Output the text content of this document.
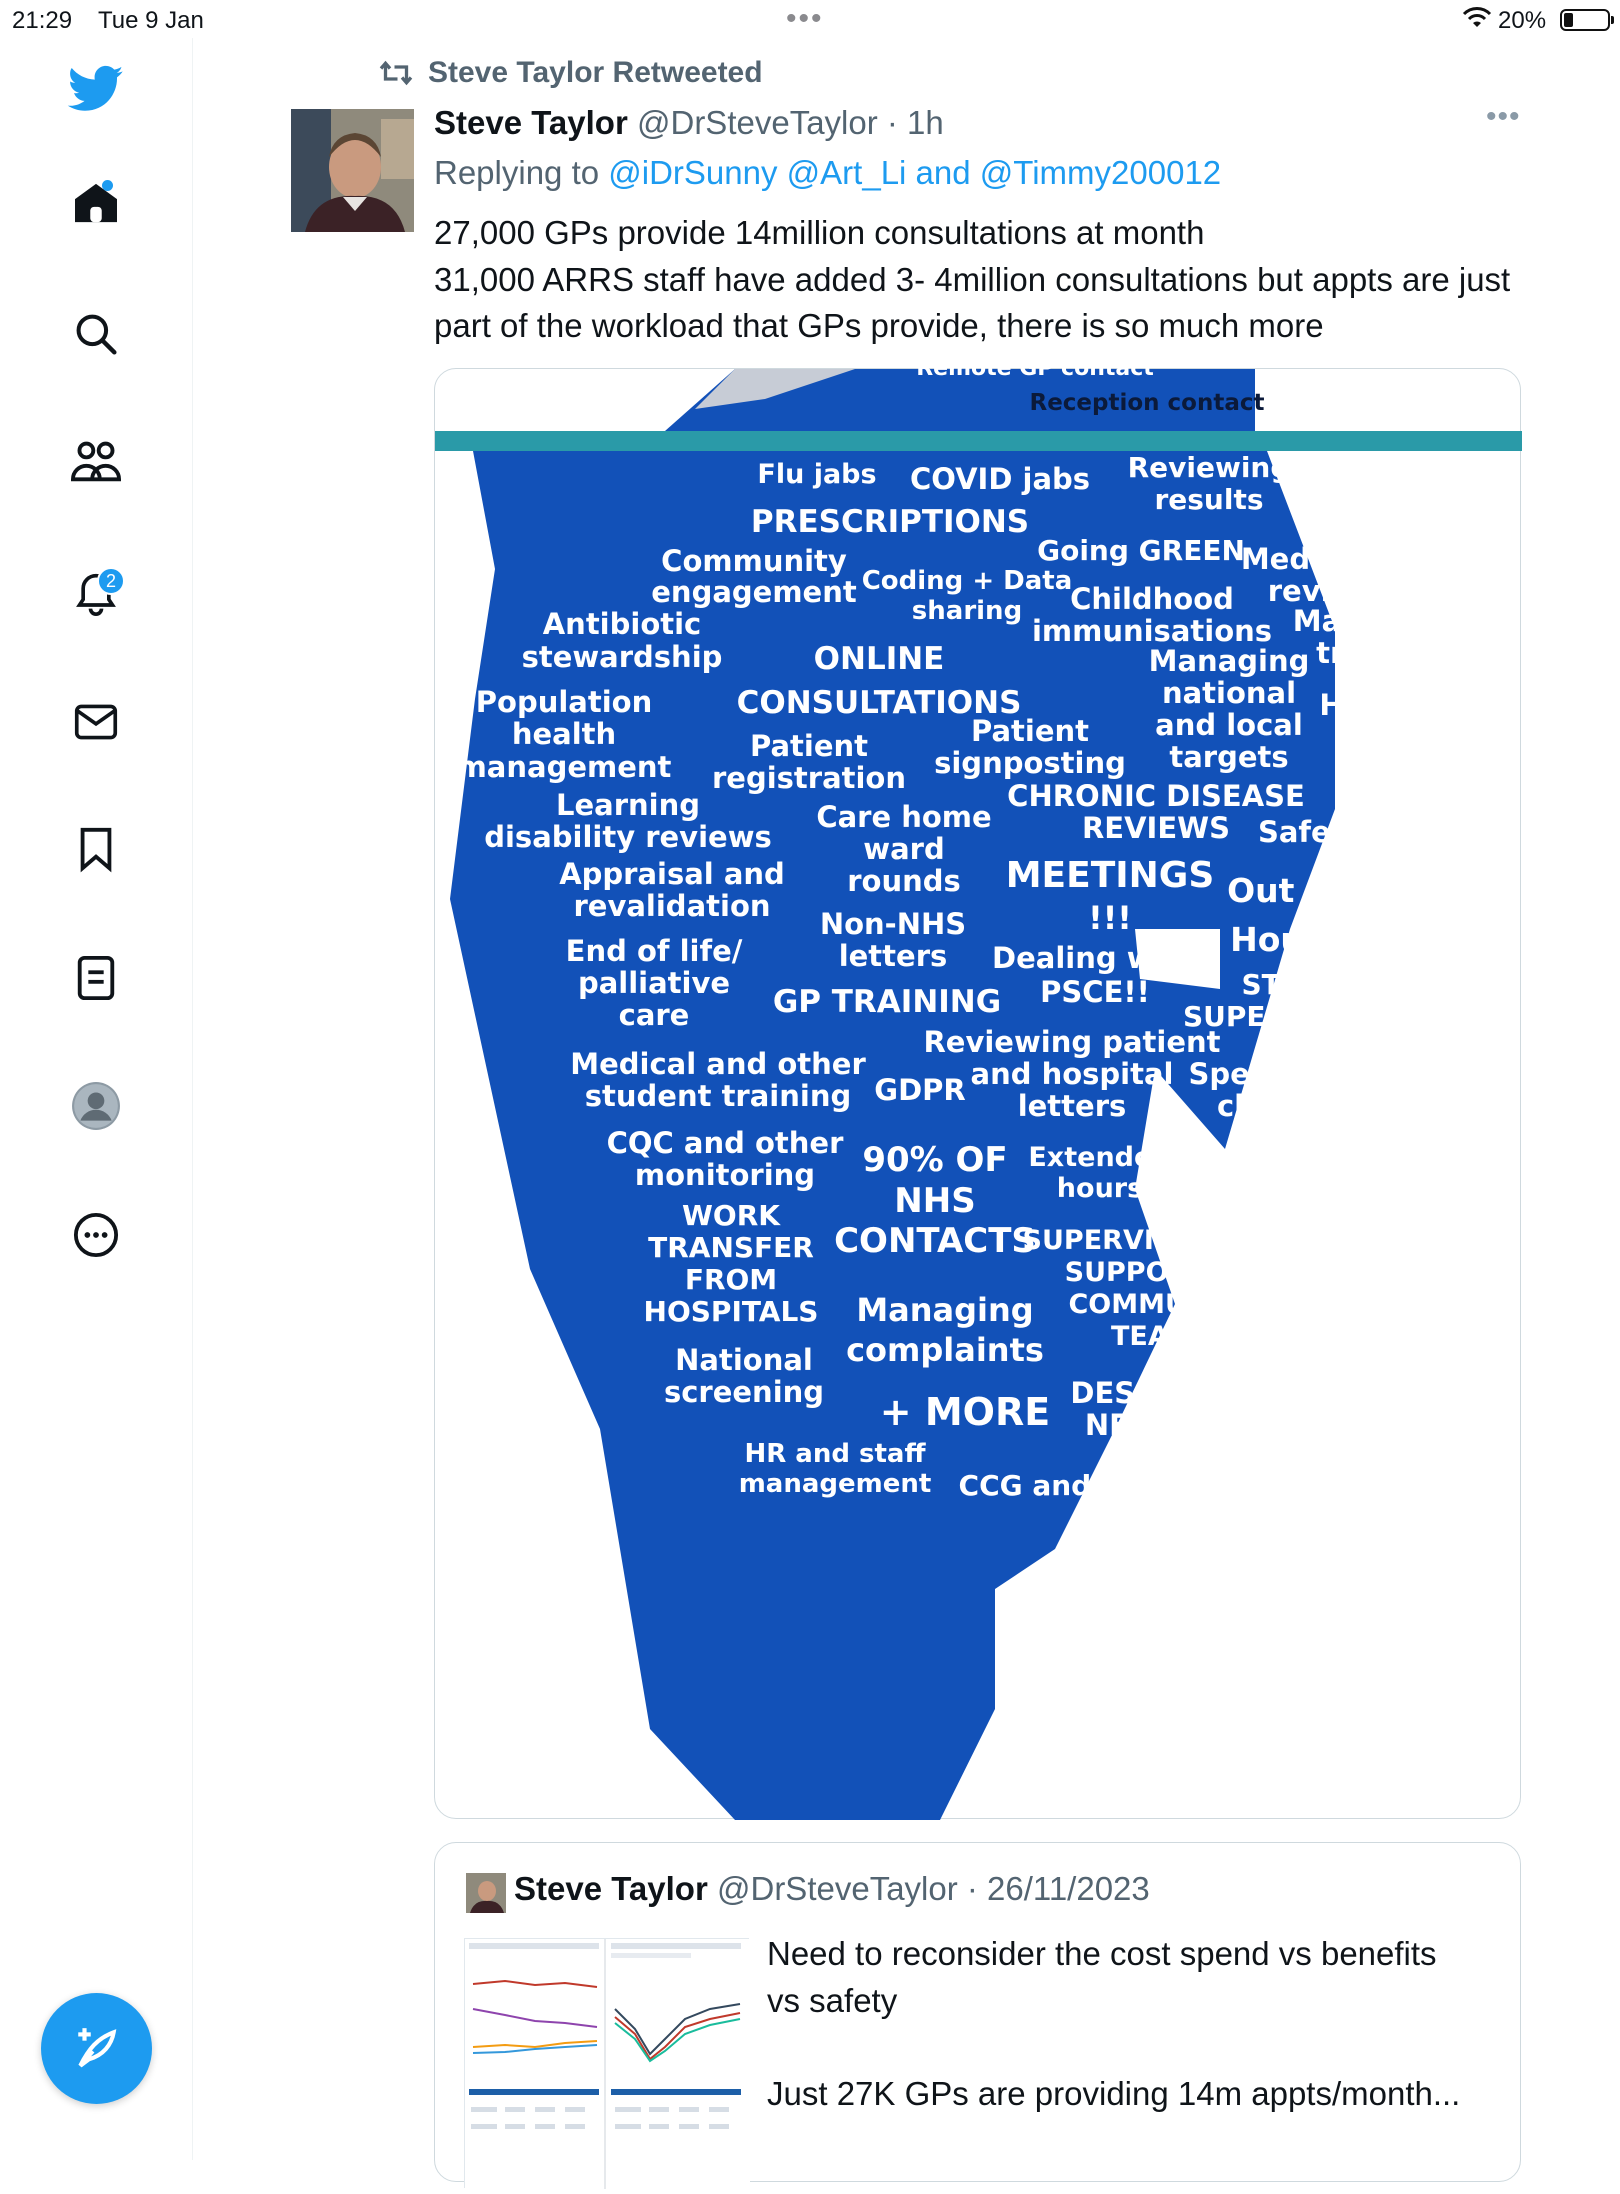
21:29 Tue 9 Jan	•••	20%
2
Steve Taylor Retweeted
Steve Taylor @DrSteveTaylor · 1h	•••
Replying to @iDrSunny @Art_Li and @Timmy200012
27,000 GPs provide 14million consultations at month
31,000 ARRS staff have added 3- 4million consultations but appts are just part of the workload that GPs provide, there is so much more
Remote GP contact
Reception contact
Flu jabs COVID jabs Reviewing
results
PRESCRIPTIONS
Going GREEN
Community
engagement Coding + Data
sharing
Medication
reviews
Childhood
immunisations
Antibiotic
stewardship
Mandatory
training
ONLINE
CONSULTATIONS
Managing
national
and local
targets
Population
health
management
Home visits
Patient
registration
Patient
signposting	Patient
reports
CHRONIC DISEASE
REVIEWS
Learning
disability reviews
Care home
ward
rounds
Safeguarding
Appraisal and
revalidation
MEETINGS
!!!
Out of
Hours
Non-NHS
letters
End of life/
palliative
care
Dealing with
PSCE!!	STAFF
SUPERVISION
GP TRAINING
Reviewing patient
and hospital
letters
Medical and other
student training GDPR	Specialist
clinics
CQC and other
monitoring 90% OF
NHS
CONTACTS
Extended
hours
Processing
referrals
WORK
TRANSFER
FROM
HOSPITALS
SUPERVISING AND
SUPPORTING
COMMUNITY
TEAMS
Managing
complaints
National
screening + MORE DES/LES/
NES/ES
HR and staff
management CCG and PCN
Steve Taylor @DrSteveTaylor · 26/11/2023
Need to reconsider the cost spend vs benefits vs safety
Just 27K GPs are providing 14m appts/month...
